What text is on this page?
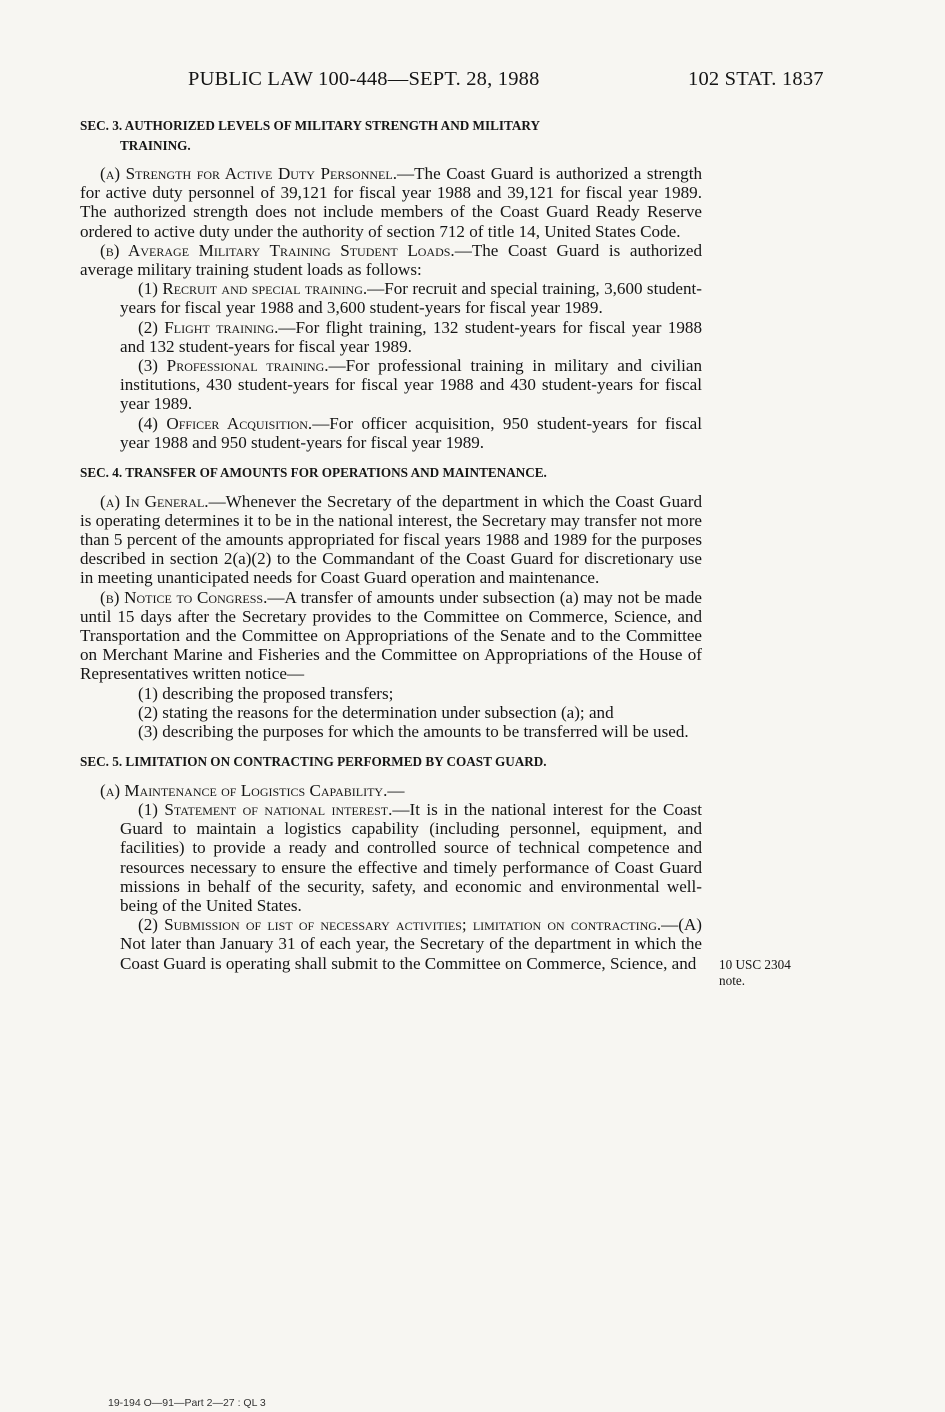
PUBLIC LAW 100-448—SEPT. 28, 1988	102 STAT. 1837
SEC. 3. AUTHORIZED LEVELS OF MILITARY STRENGTH AND MILITARY
TRAINING.

(a) Strength for Active Duty Personnel.—The Coast Guard is authorized a strength for active duty personnel of 39,121 for fiscal year 1988 and 39,121 for fiscal year 1989. The authorized strength does not include members of the Coast Guard Ready Reserve ordered to active duty under the authority of section 712 of title 14, United States Code.

(b) Average Military Training Student Loads.—The Coast Guard is authorized average military training student loads as follows:

(1) Recruit and special training.—For recruit and special training, 3,600 student-years for fiscal year 1988 and 3,600 student-years for fiscal year 1989.

(2) Flight training.—For flight training, 132 student-years for fiscal year 1988 and 132 student-years for fiscal year 1989.

(3) Professional training.—For professional training in military and civilian institutions, 430 student-years for fiscal year 1988 and 430 student-years for fiscal year 1989.

(4) Officer Acquisition.—For officer acquisition, 950 student-years for fiscal year 1988 and 950 student-years for fiscal year 1989.

SEC. 4. TRANSFER OF AMOUNTS FOR OPERATIONS AND MAINTENANCE.

(a) In General.—Whenever the Secretary of the department in which the Coast Guard is operating determines it to be in the national interest, the Secretary may transfer not more than 5 percent of the amounts appropriated for fiscal years 1988 and 1989 for the purposes described in section 2(a)(2) to the Commandant of the Coast Guard for discretionary use in meeting unanticipated needs for Coast Guard operation and maintenance.

(b) Notice to Congress.—A transfer of amounts under subsection (a) may not be made until 15 days after the Secretary provides to the Committee on Commerce, Science, and Transportation and the Committee on Appropriations of the Senate and to the Committee on Merchant Marine and Fisheries and the Committee on Appropriations of the House of Representatives written notice—

(1) describing the proposed transfers;

(2) stating the reasons for the determination under subsection (a); and

(3) describing the purposes for which the amounts to be transferred will be used.

SEC. 5. LIMITATION ON CONTRACTING PERFORMED BY COAST GUARD.

(a) Maintenance of Logistics Capability.—

(1) Statement of national interest.—It is in the national interest for the Coast Guard to maintain a logistics capability (including personnel, equipment, and facilities) to provide a ready and controlled source of technical competence and resources necessary to ensure the effective and timely performance of Coast Guard missions in behalf of the security, safety, and economic and environmental well-being of the United States.

(2) Submission of list of necessary activities; limitation on contracting.—(A) Not later than January 31 of each year, the Secretary of the department in which the Coast Guard is operating shall submit to the Committee on Commerce, Science, and	10 USC 2304
note.
19-194 O—91—Part 2—27 : QL 3
